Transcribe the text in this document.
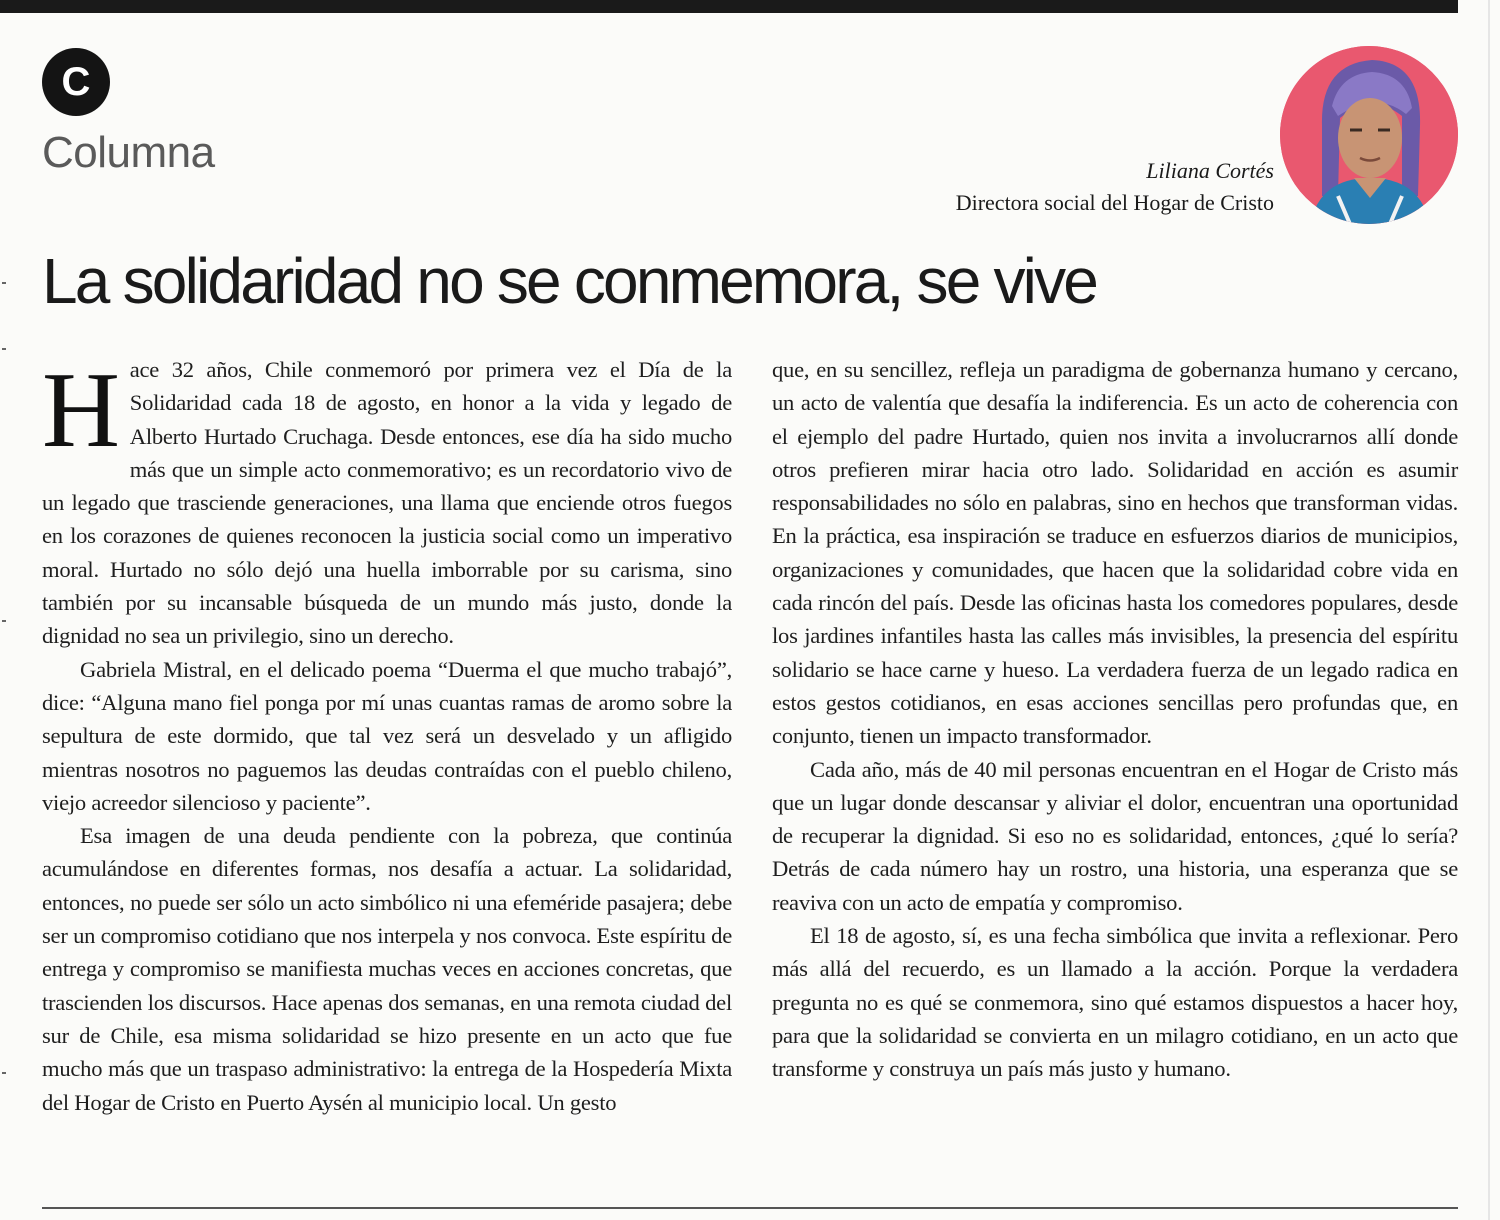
C
Columna	Liliana Cortés
Directora social del Hogar de Cristo
La solidaridad no se conmemora, se vive

Hace 32 años, Chile conmemoró por primera vez el Día de la Solidaridad cada 18 de agosto, en honor a la vida y legado de Alberto Hurtado Cruchaga. Desde entonces, ese día ha sido mucho más que un simple acto conmemorativo; es un recordatorio vivo de un legado que trasciende generaciones, una llama que enciende otros fuegos en los corazones de quienes reconocen la justicia social como un imperativo moral. Hurtado no sólo dejó una huella imborrable por su carisma, sino también por su incansable búsqueda de un mundo más justo, donde la dignidad no sea un privilegio, sino un derecho.

Gabriela Mistral, en el delicado poema “Duerma el que mucho trabajó”, dice: “Alguna mano fiel ponga por mí unas cuantas ramas de aromo sobre la sepultura de este dormido, que tal vez será un desvelado y un afligido mientras nosotros no paguemos las deudas contraídas con el pueblo chileno, viejo acreedor silencioso y paciente”.

Esa imagen de una deuda pendiente con la pobreza, que continúa acumulándose en diferentes formas, nos desafía a actuar. La solidaridad, entonces, no puede ser sólo un acto simbólico ni una efeméride pasajera; debe ser un compromiso cotidiano que nos interpela y nos convoca. Este espíritu de entrega y compromiso se manifiesta muchas veces en acciones concretas, que trascienden los discursos. Hace apenas dos semanas, en una remota ciudad del sur de Chile, esa misma solidaridad se hizo presente en un acto que fue mucho más que un traspaso administrativo: la entrega de la Hospedería Mixta del Hogar de Cristo en Puerto Aysén al municipio local. Un gesto

que, en su sencillez, refleja un paradigma de gobernanza humano y cercano, un acto de valentía que desafía la indiferencia. Es un acto de coherencia con el ejemplo del padre Hurtado, quien nos invita a involucrarnos allí donde otros prefieren mirar hacia otro lado. Solidaridad en acción es asumir responsabilidades no sólo en palabras, sino en hechos que transforman vidas. En la práctica, esa inspiración se traduce en esfuerzos diarios de municipios, organizaciones y comunidades, que hacen que la solidaridad cobre vida en cada rincón del país. Desde las oficinas hasta los comedores populares, desde los jardines infantiles hasta las calles más invisibles, la presencia del espíritu solidario se hace carne y hueso. La verdadera fuerza de un legado radica en estos gestos cotidianos, en esas acciones sencillas pero profundas que, en conjunto, tienen un impacto transformador.

Cada año, más de 40 mil personas encuentran en el Hogar de Cristo más que un lugar donde descansar y aliviar el dolor, encuentran una oportunidad de recuperar la dignidad. Si eso no es solidaridad, entonces, ¿qué lo sería? Detrás de cada número hay un rostro, una historia, una esperanza que se reaviva con un acto de empatía y compromiso.

El 18 de agosto, sí, es una fecha simbólica que invita a reflexionar. Pero más allá del recuerdo, es un llamado a la acción. Porque la verdadera pregunta no es qué se conmemora, sino qué estamos dispuestos a hacer hoy, para que la solidaridad se convierta en un milagro cotidiano, en un acto que transforme y construya un país más justo y humano.
